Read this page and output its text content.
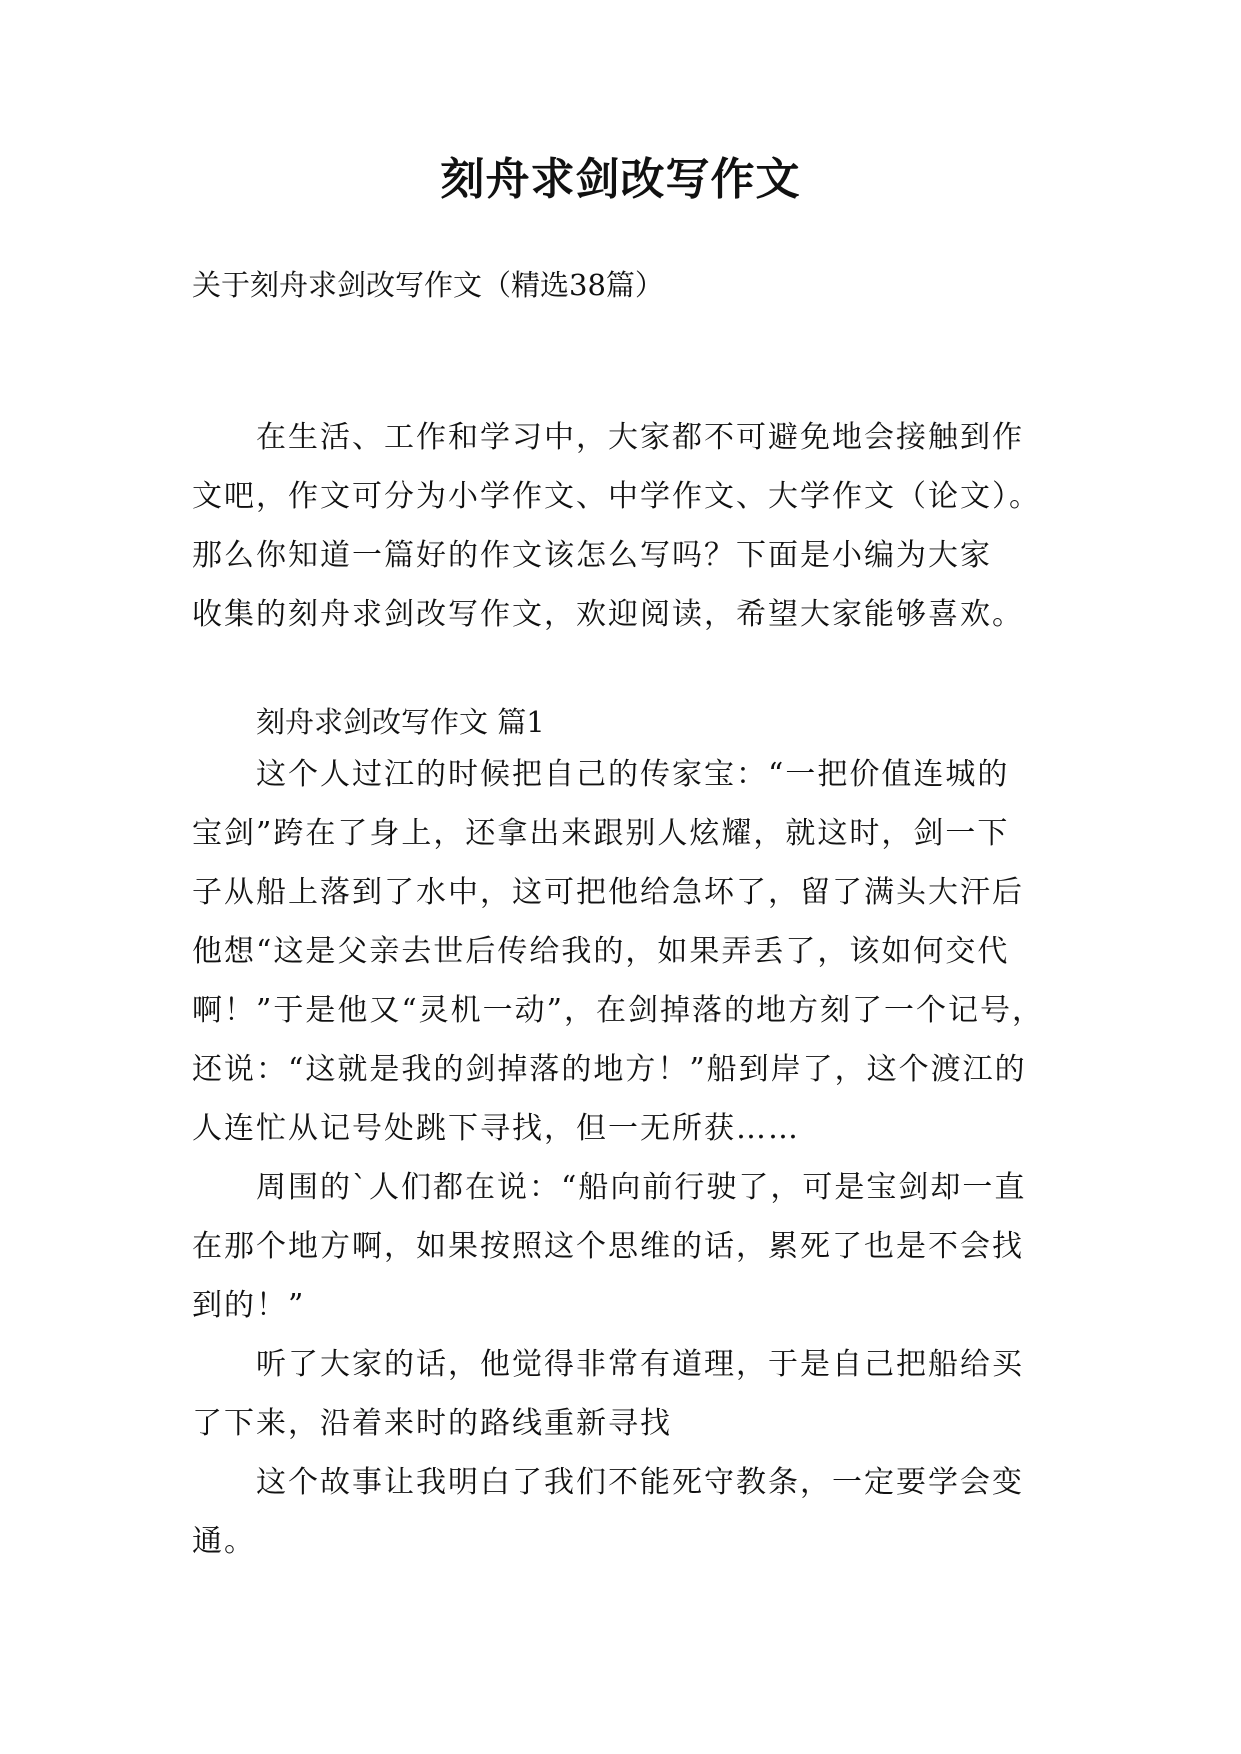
刻舟求剑改写作文
关于刻舟求剑改写作文（精选38篇）
在生活、工作和学习中，大家都不可避免地会接触到作
文吧，作文可分为小学作文、中学作文、大学作文（论文）。
那么你知道一篇好的作文该怎么写吗？下面是小编为大家
收集的刻舟求剑改写作文，欢迎阅读，希望大家能够喜欢。
刻舟求剑改写作文 篇1
这个人过江的时候把自己的传家宝：“一把价值连城的
宝剑”跨在了身上，还拿出来跟别人炫耀，就这时，剑一下
子从船上落到了水中，这可把他给急坏了，留了满头大汗后
他想“这是父亲去世后传给我的，如果弄丢了，该如何交代
啊！”于是他又“灵机一动”，在剑掉落的地方刻了一个记号，
还说：“这就是我的剑掉落的地方！”船到岸了，这个渡江的
人连忙从记号处跳下寻找，但一无所获……
周围的`人们都在说：“船向前行驶了，可是宝剑却一直
在那个地方啊，如果按照这个思维的话，累死了也是不会找
到的！”
听了大家的话，他觉得非常有道理，于是自己把船给买
了下来，沿着来时的路线重新寻找
这个故事让我明白了我们不能死守教条，一定要学会变
通。
